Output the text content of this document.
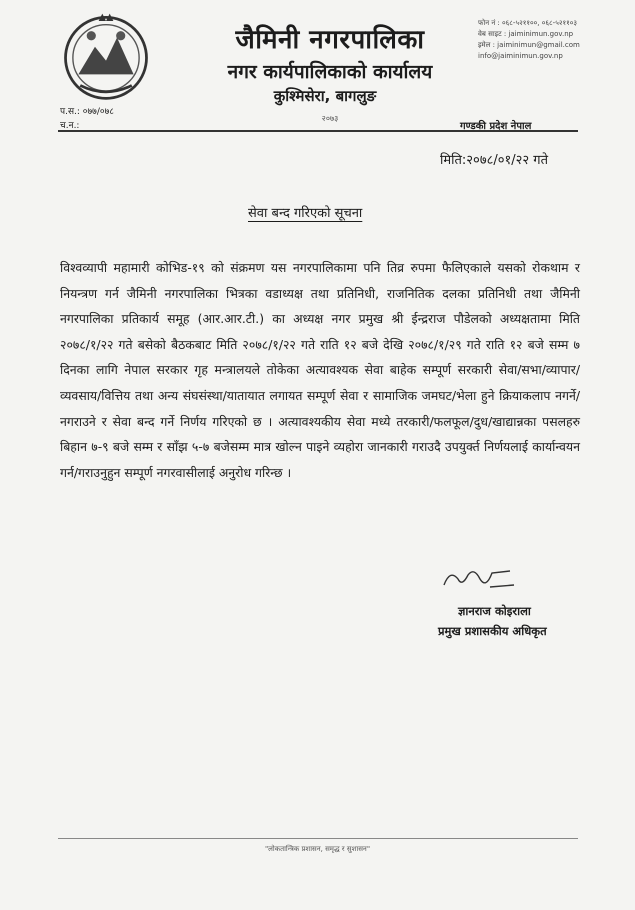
जैमिनी नगरपालिका
नगर कार्यपालिकाको कार्यालय
कुश्मिसेरा, बागलुङ
२०७३
फोन नं : ०६८-५२११००, ०६८-५२११०३
वेब साइट : jaiminimun.gov.np
इमेल : jaiminimun@gmail.com
info@jaiminimun.gov.np
प.स.: ०७७/०७८
च.न.:	गण्डकी प्रदेश नेपाल
मिति:२०७८/०१/२२ गते
सेवा बन्द गरिएको सूचना

विश्वव्यापी महामारी कोभिड-१९ को संक्रमण यस नगरपालिकामा पनि तिव्र रुपमा फैलिएकाले यसको रोकथाम र नियन्त्रण गर्न जैमिनी नगरपालिका भित्रका वडाध्यक्ष तथा प्रतिनिधी, राजनितिक दलका प्रतिनिधी तथा जैमिनी नगरपालिका प्रतिकार्य समूह (आर.आर.टी.) का अध्यक्ष नगर प्रमुख श्री ईन्द्रराज पौडेलको अध्यक्षतामा मिति २०७८/१/२२ गते बसेको बैठकबाट मिति २०७८/१/२२ गते राति १२ बजे देखि २०७८/१/२९ गते राति १२ बजे सम्म ७ दिनका लागि नेपाल सरकार गृह मन्त्रालयले तोकेका अत्यावश्यक सेवा बाहेक सम्पूर्ण सरकारी सेवा/सभा/व्यापार/व्यवसाय/वित्तिय तथा अन्य संघसंस्था/यातायात लगायत सम्पूर्ण सेवा र सामाजिक जमघट/भेला हुने क्रियाकलाप नगर्ने/नगराउने र सेवा बन्द गर्ने निर्णय गरिएको छ । अत्यावश्यकीय सेवा मध्ये तरकारी/फलफूल/दुध/खाद्यान्नका पसलहरु बिहान ७-९ बजे सम्म र साँझ ५-७ बजेसम्म मात्र खोल्न पाइने व्यहोरा जानकारी गराउदै उपयुर्क्त निर्णयलाई कार्यान्वयन गर्न/गराउनुहुन सम्पूर्ण नगरवासीलाई अनुरोध गरिन्छ ।

ज्ञानराज कोइराला
प्रमुख प्रशासकीय अधिकृत
"लोकतान्त्रिक प्रशासन, समृद्ध र सुशासन"
